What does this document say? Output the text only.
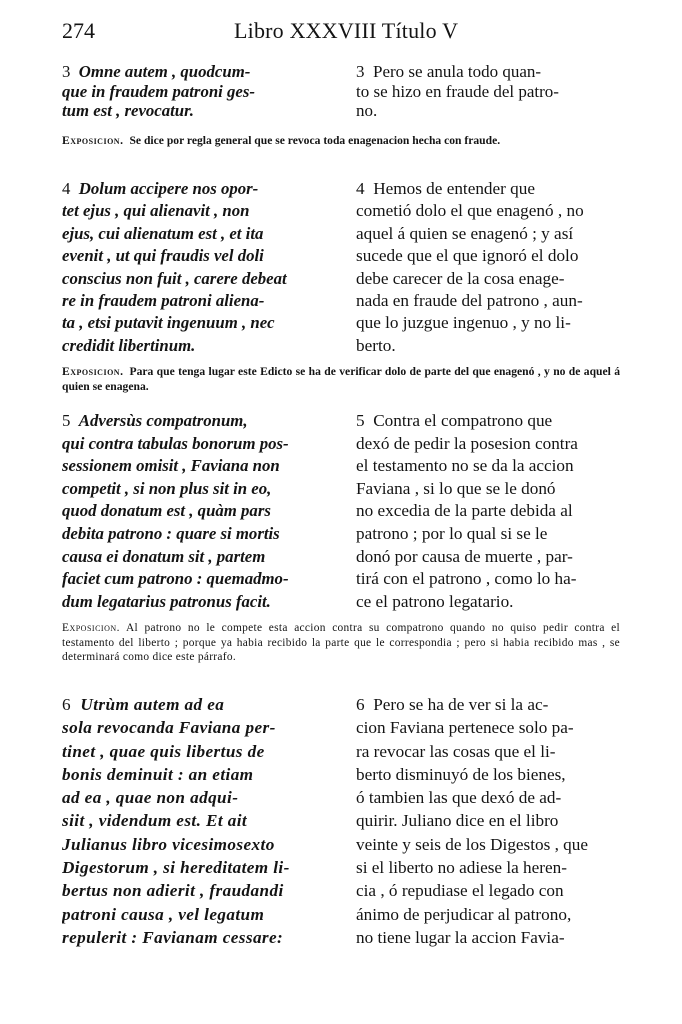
274	Libro XXXVIII Título V

3 Omne autem , quodcum-
que in fraudem patroni ges-
tum est , revocatur.

3 Pero se anula todo quan-
to se hizo en fraude del patro-
no.

Exposicion. Se dice por regla general que se revoca toda enagenacion hecha con fraude.

4 Dolum accipere nos opor-
tet ejus , qui alienavit , non
ejus, cui alienatum est , et ita
evenit , ut qui fraudis vel doli
conscius non fuit , carere debeat
re in fraudem patroni aliena-
ta , etsi putavit ingenuum , nec
credidit libertinum.

4 Hemos de entender que
cometió dolo el que enagenó , no
aquel á quien se enagenó ; y así
sucede que el que ignoró el dolo
debe carecer de la cosa enage-
nada en fraude del patrono , aun-
que lo juzgue ingenuo , y no li-
berto.

Exposicion. Para que tenga lugar este Edicto se ha de verificar dolo de parte del que enagenó , y no de aquel á quien se enagena.

5 Adversùs compatronum,
qui contra tabulas bonorum pos-
sessionem omisit , Faviana non
competit , si non plus sit in eo,
quod donatum est , quàm pars
debita patrono : quare si mortis
causa ei donatum sit , partem
faciet cum patrono : quemadmo-
dum legatarius patronus facit.

5 Contra el compatrono que
dexó de pedir la posesion contra
el testamento no se da la accion
Faviana , si lo que se le donó
no excedia de la parte debida al
patrono ; por lo qual si se le
donó por causa de muerte , par-
tirá con el patrono , como lo ha-
ce el patrono legatario.

Exposicion. Al patrono no le compete esta accion contra su compatrono quando no quiso pedir contra el testamento del liberto ; porque ya habia recibido la parte que le correspondia ; pero si habia recibido mas , se determinará como dice este párrafo.

6 Utrùm autem ad ea
sola revocanda Faviana per-
tinet , quae quis libertus de
bonis deminuit : an etiam
ad ea , quae non adqui-
siit , videndum est. Et ait
Julianus libro vicesimosexto
Digestorum , si hereditatem li-
bertus non adierit , fraudandi
patroni causa , vel legatum
repulerit : Favianam cessare:

6 Pero se ha de ver si la ac-
cion Faviana pertenece solo pa-
ra revocar las cosas que el li-
berto disminuyó de los bienes,
ó tambien las que dexó de ad-
quirir. Juliano dice en el libro
veinte y seis de los Digestos , que
si el liberto no adiese la heren-
cia , ó repudiase el legado con
ánimo de perjudicar al patrono,
no tiene lugar la accion Favia-
